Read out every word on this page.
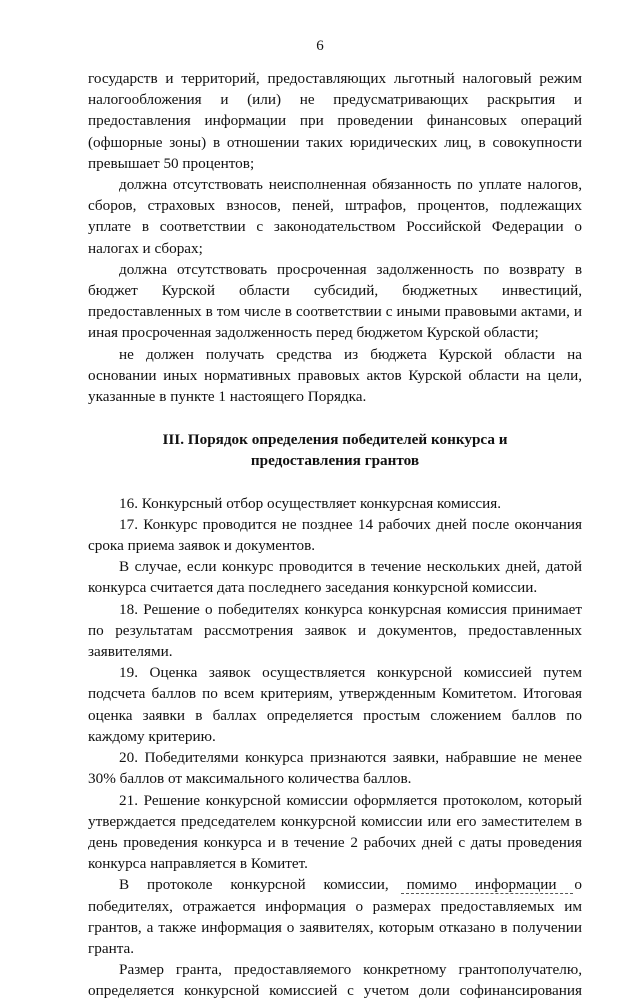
6

государств и территорий, предоставляющих льготный налоговый режим налогообложения и (или) не предусматривающих раскрытия и предоставления информации при проведении финансовых операций (офшорные зоны) в отношении таких юридических лиц, в совокупности превышает 50 процентов;

должна отсутствовать неисполненная обязанность по уплате налогов, сборов, страховых взносов, пеней, штрафов, процентов, подлежащих уплате в соответствии с законодательством Российской Федерации о налогах и сборах;

должна отсутствовать просроченная задолженность по возврату в бюджет Курской области субсидий, бюджетных инвестиций, предоставленных в том числе в соответствии с иными правовыми актами, и иная просроченная задолженность перед бюджетом Курской области;

не должен получать средства из бюджета Курской области на основании иных нормативных правовых актов Курской области на цели, указанные в пункте 1 настоящего Порядка.

III. Порядок определения победителей конкурса и
предоставления грантов

16. Конкурсный отбор осуществляет конкурсная комиссия.

17. Конкурс проводится не позднее 14 рабочих дней после окончания срока приема заявок и документов.

В случае, если конкурс проводится в течение нескольких дней, датой конкурса считается дата последнего заседания конкурсной комиссии.

18. Решение о победителях конкурса конкурсная комиссия принимает по результатам рассмотрения заявок и документов, предоставленных заявителями.

19. Оценка заявок осуществляется конкурсной комиссией путем подсчета баллов по всем критериям, утвержденным Комитетом. Итоговая оценка заявки в баллах определяется простым сложением баллов по каждому критерию.

20. Победителями конкурса признаются заявки, набравшие не менее 30% баллов от максимального количества баллов.

21. Решение конкурсной комиссии оформляется протоколом, который утверждается председателем конкурсной комиссии или его заместителем в день проведения конкурса и в течение 2 рабочих дней с даты проведения конкурса направляется в Комитет.

В протоколе конкурсной комиссии, помимо информации о победителях, отражается информация о размерах предоставляемых им грантов, а также информация о заявителях, которым отказано в получении гранта.

Размер гранта, предоставляемого конкретному грантополучателю, определяется конкурсной комиссией с учетом доли софинансирования
